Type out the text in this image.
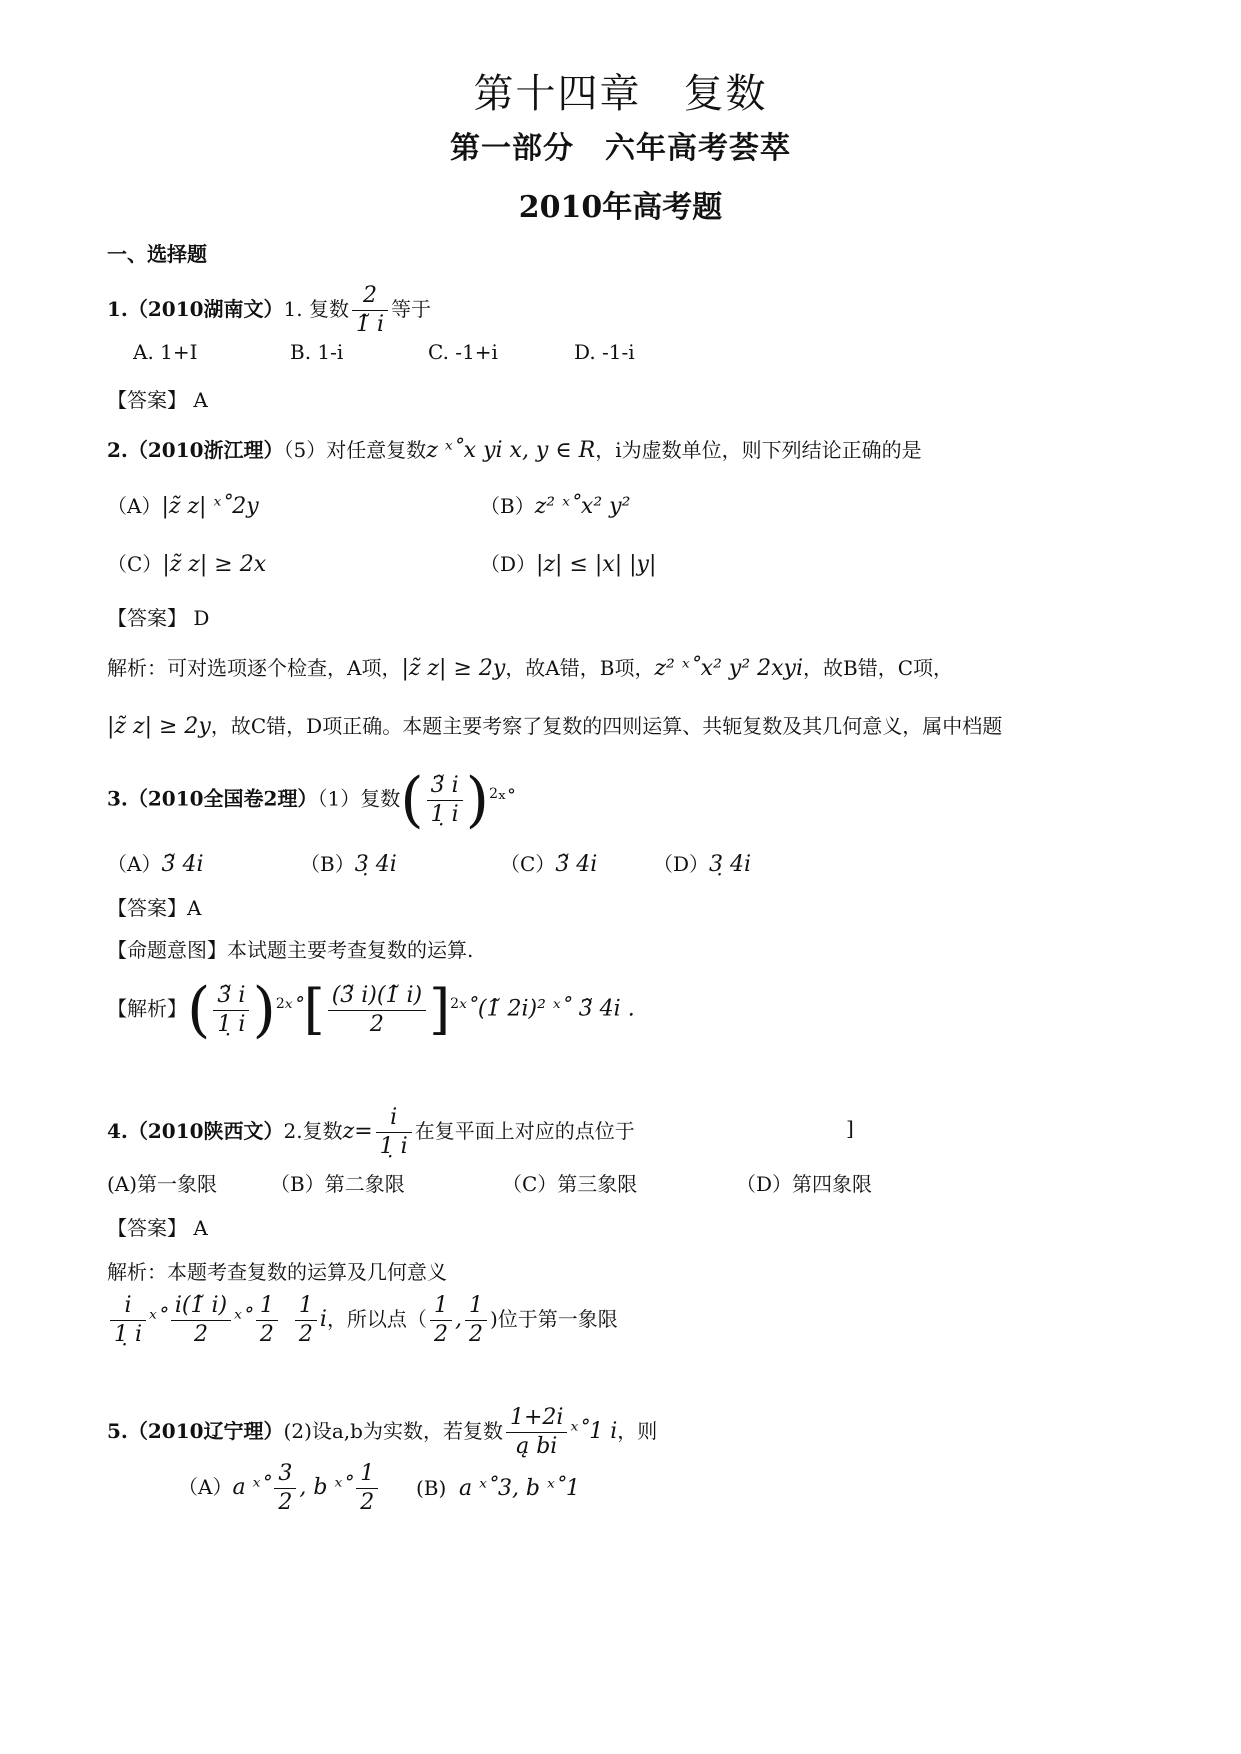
第十四章　复数
第一部分　六年高考荟萃
2010年高考题
一、选择题
1.（2010湖南文）1. 复数 $\frac{2}{1̃ i}$ 等于
A. 1+I	B. 1-i	C. -1+i	D. -1-i
【答案】 A
2.（2010浙江理）（5）对任意复数z ˣ˚x yi x, y ∈ R，i为虚数单位，则下列结论正确的是
（A）|z̃ z| ˣ˚2y	（B）z² ˣ˚x² y²
（C）|z̃ z| ≥ 2x	（D）|z| ≤ |x| |y|
【答案】 D
解析：可对选项逐个检查，A项，|z̃ z| ≥ 2y，故A错，B项，z² ˣ˚x² y² 2xyi，故B错，C项，
|z̃ z| ≥ 2y，故C错，D项正确。本题主要考察了复数的四则运算、共轭复数及其几何意义，属中档题
3.（2010全国卷2理）（1）复数( $\frac{3̃ i}{1̣ i}$ )$^2$ˣ˚
（A）3̃ 4i	（B）3̣ 4i	（C）3̃ 4i	（D）3̣ 4i
【答案】A
【命题意图】本试题主要考查复数的运算.
【解析】( $\frac{3̃ i}{1̣ i}$ )$^2$ˣ˚[ $\frac{(3̃ i)(1̃ i)}{2}$ ]$^2$ˣ˚(1̃ 2i)² ˣ˚ 3̃ 4i .
4.（2010陕西文）2.复数$z= \frac{i}{1̣ i}$ 在复平面上对应的点位于	]
(A)第一象限	（B）第二象限	（C）第三象限	（D）第四象限
【答案】 A
解析：本题考查复数的运算及几何意义
$\frac{i}{1̣ i}$ ˣ˚ $\frac{i(1̃ i)}{2}$ ˣ˚ $\frac{1}{2} \frac{1}{2}$ i，所以点（ $\frac{1}{2}$ , $\frac{1}{2}$ )位于第一象限
5.（2010辽宁理）(2)设a,b为实数，若复数 $\frac{1+2i}{\text{ą bi}}$ ˣ˚1 i，则
（A）a ˣ˚ $\frac{3}{2}$ , b ˣ˚ $\frac{1}{2} (B)$ a ˣ˚3, b ˣ˚1
